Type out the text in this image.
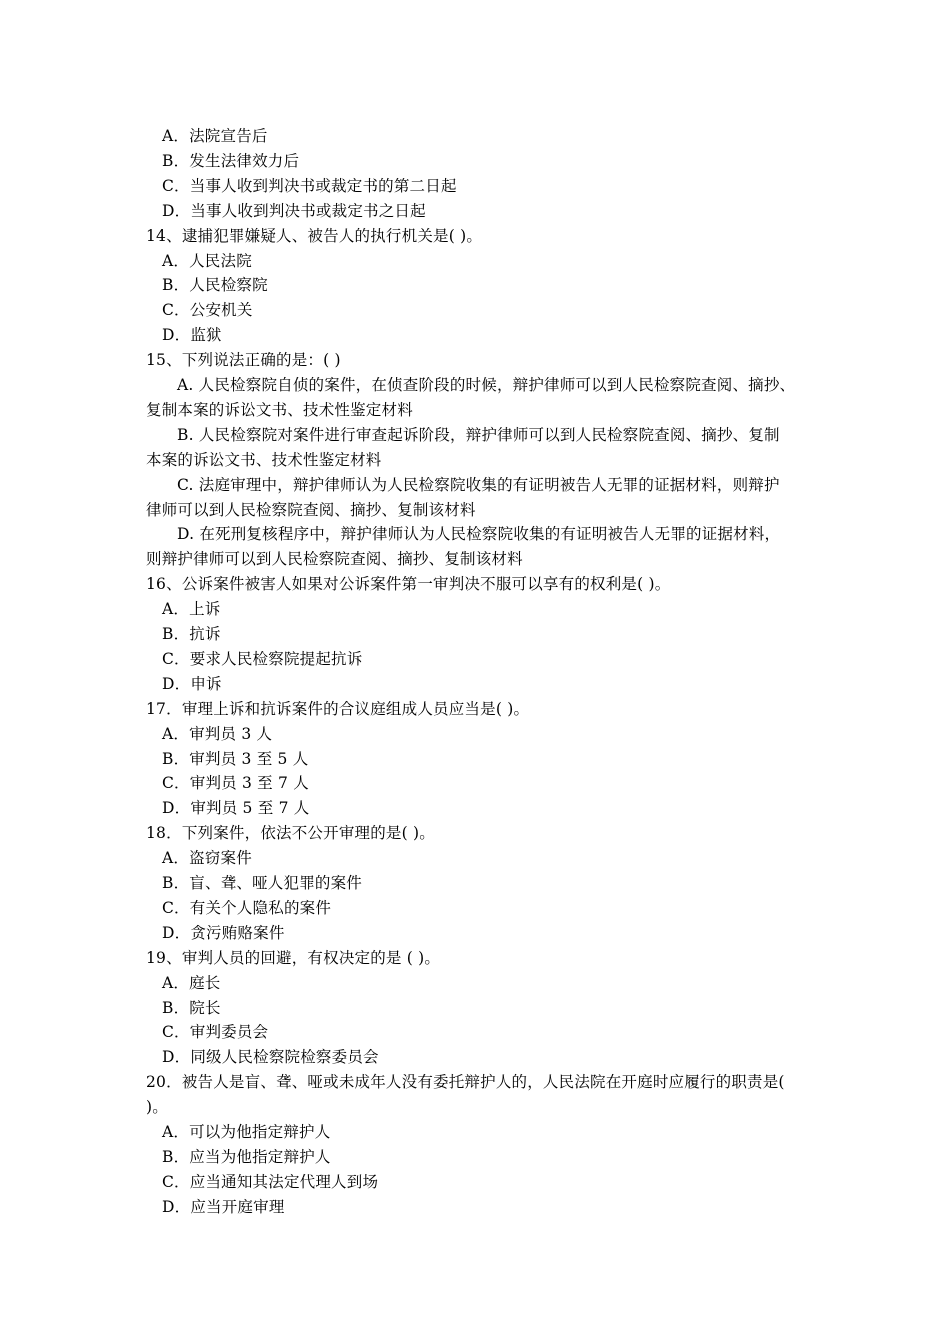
A．法院宣告后
B．发生法律效力后
C．当事人收到判决书或裁定书的第二日起
D．当事人收到判决书或裁定书之日起
14、逮捕犯罪嫌疑人、被告人的执行机关是( )。
A．人民法院
B．人民检察院
C．公安机关
D．监狱
15、下列说法正确的是：( )
A. 人民检察院自侦的案件，在侦查阶段的时候，辩护律师可以到人民检察院查阅、摘抄、
复制本案的诉讼文书、技术性鉴定材料
B. 人民检察院对案件进行审查起诉阶段，辩护律师可以到人民检察院查阅、摘抄、复制
本案的诉讼文书、技术性鉴定材料
C. 法庭审理中，辩护律师认为人民检察院收集的有证明被告人无罪的证据材料，则辩护
律师可以到人民检察院查阅、摘抄、复制该材料
D. 在死刑复核程序中，辩护律师认为人民检察院收集的有证明被告人无罪的证据材料，
则辩护律师可以到人民检察院查阅、摘抄、复制该材料
16、公诉案件被害人如果对公诉案件第一审判决不服可以享有的权利是( )。
A．上诉
B．抗诉
C．要求人民检察院提起抗诉
D．申诉
17．审理上诉和抗诉案件的合议庭组成人员应当是( )。
A．审判员 3 人
B．审判员 3 至 5 人
C．审判员 3 至 7 人
D．审判员 5 至 7 人
18．下列案件，依法不公开审理的是( )。
A．盗窃案件
B．盲、聋、哑人犯罪的案件
C．有关个人隐私的案件
D．贪污贿赂案件
19、审判人员的回避，有权决定的是 ( )。
A．庭长
B．院长
C．审判委员会
D．同级人民检察院检察委员会
20．被告人是盲、聋、哑或未成年人没有委托辩护人的，人民法院在开庭时应履行的职责是(
)。
A．可以为他指定辩护人
B．应当为他指定辩护人
C．应当通知其法定代理人到场
D．应当开庭审理
